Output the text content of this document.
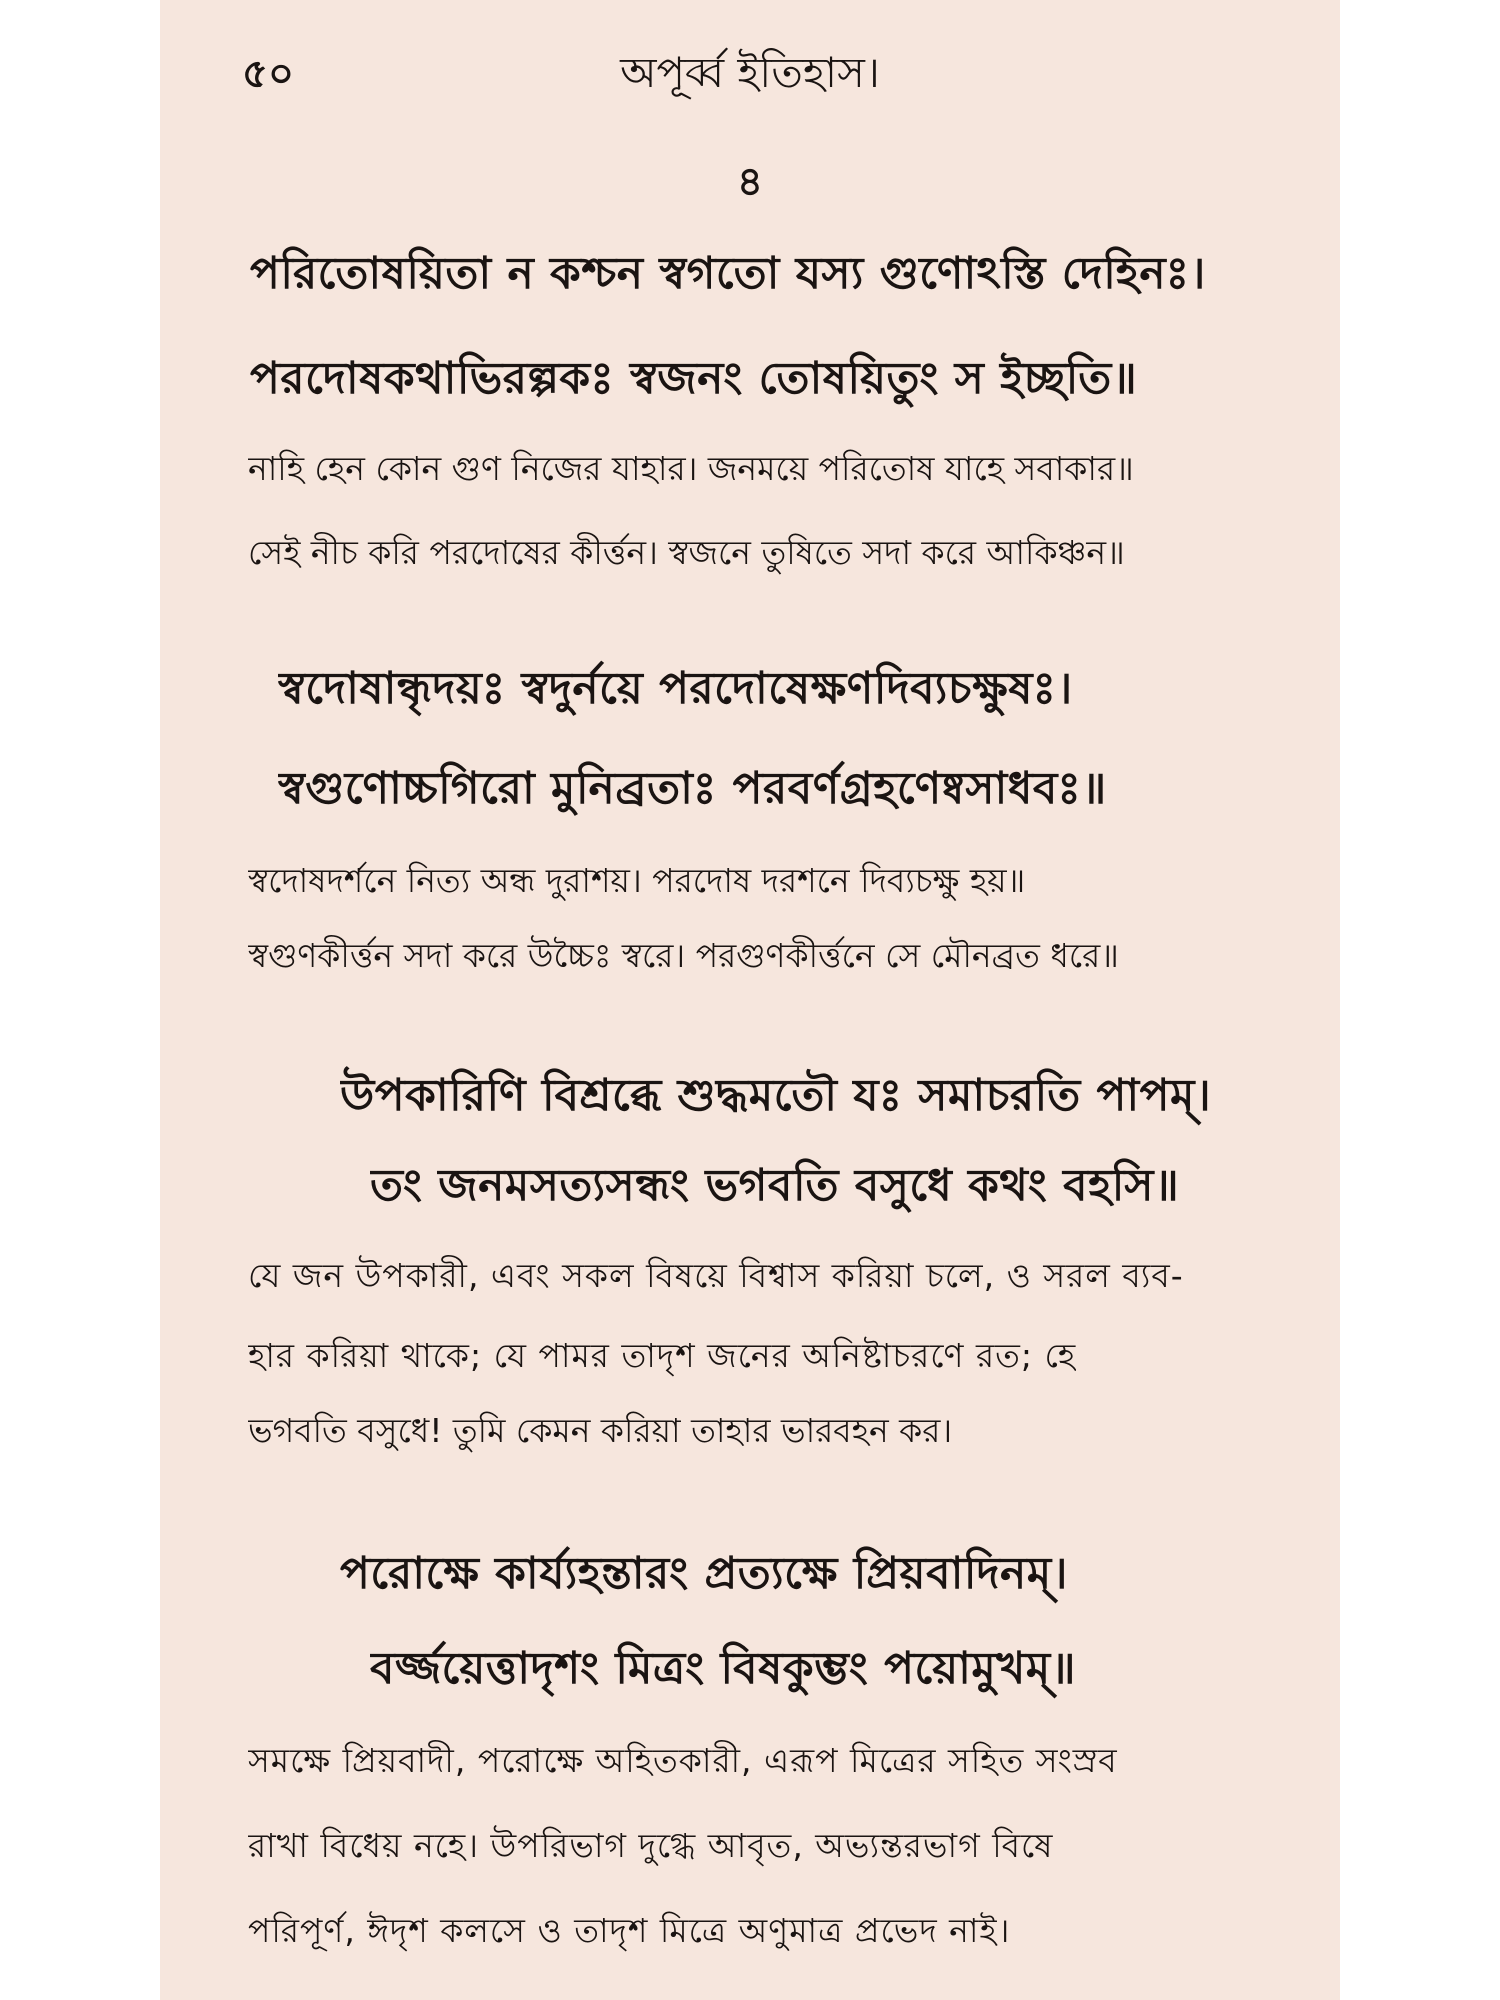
৫০	অপূর্ব্ব ইতিহাস।
৪
পরিতোষয়িতা ন কশ্চন স্বগতো যস্য গুণোঽস্তি দেহিনঃ।
পরদোষকথাভিরল্পকঃ স্বজনং তোষয়িতুং স ইচ্ছতি॥
নাহি হেন কোন গুণ নিজের যাহার। জনময়ে পরিতোষ যাহে সবাকার॥
সেই নীচ করি পরদোষের কীর্ত্তন। স্বজনে তুষিতে সদা করে আকিঞ্চন॥
স্বদোষান্ধৃদয়ঃ স্বদুর্নয়ে পরদোষেক্ষণদিব্যচক্ষুষঃ।
স্বগুণোচ্চগিরো মুনিব্রতাঃ পরবর্ণগ্রহণেষ্বসাধবঃ॥
স্বদোষদর্শনে নিত্য অন্ধ দুরাশয়। পরদোষ দরশনে দিব্যচক্ষু হয়॥
স্বগুণকীর্ত্তন সদা করে উচ্চৈঃ স্বরে। পরগুণকীর্ত্তনে সে মৌনব্রত ধরে॥
উপকারিণি বিশ্রব্ধে শুদ্ধমতৌ যঃ সমাচরতি পাপম্।
তং জনমসত্যসন্ধং ভগবতি বসুধে কথং বহসি॥
যে জন উপকারী, এবং সকল বিষয়ে বিশ্বাস করিয়া চলে, ও সরল ব্যব-
হার করিয়া থাকে; যে পামর তাদৃশ জনের অনিষ্টাচরণে রত; হে
ভগবতি বসুধে! তুমি কেমন করিয়া তাহার ভারবহন কর।
পরোক্ষে কার্য্যহন্তারং প্রত্যক্ষে প্রিয়বাদিনম্।
বর্জ্জয়েত্তাদৃশং মিত্রং বিষকুম্ভং পয়োমুখম্॥
সমক্ষে প্রিয়বাদী, পরোক্ষে অহিতকারী, এরূপ মিত্রের সহিত সংস্রব
রাখা বিধেয় নহে। উপরিভাগ দুগ্ধে আবৃত, অভ্যন্তরভাগ বিষে
পরিপূর্ণ, ঈদৃশ কলসে ও তাদৃশ মিত্রে অণুমাত্র প্রভেদ নাই।
